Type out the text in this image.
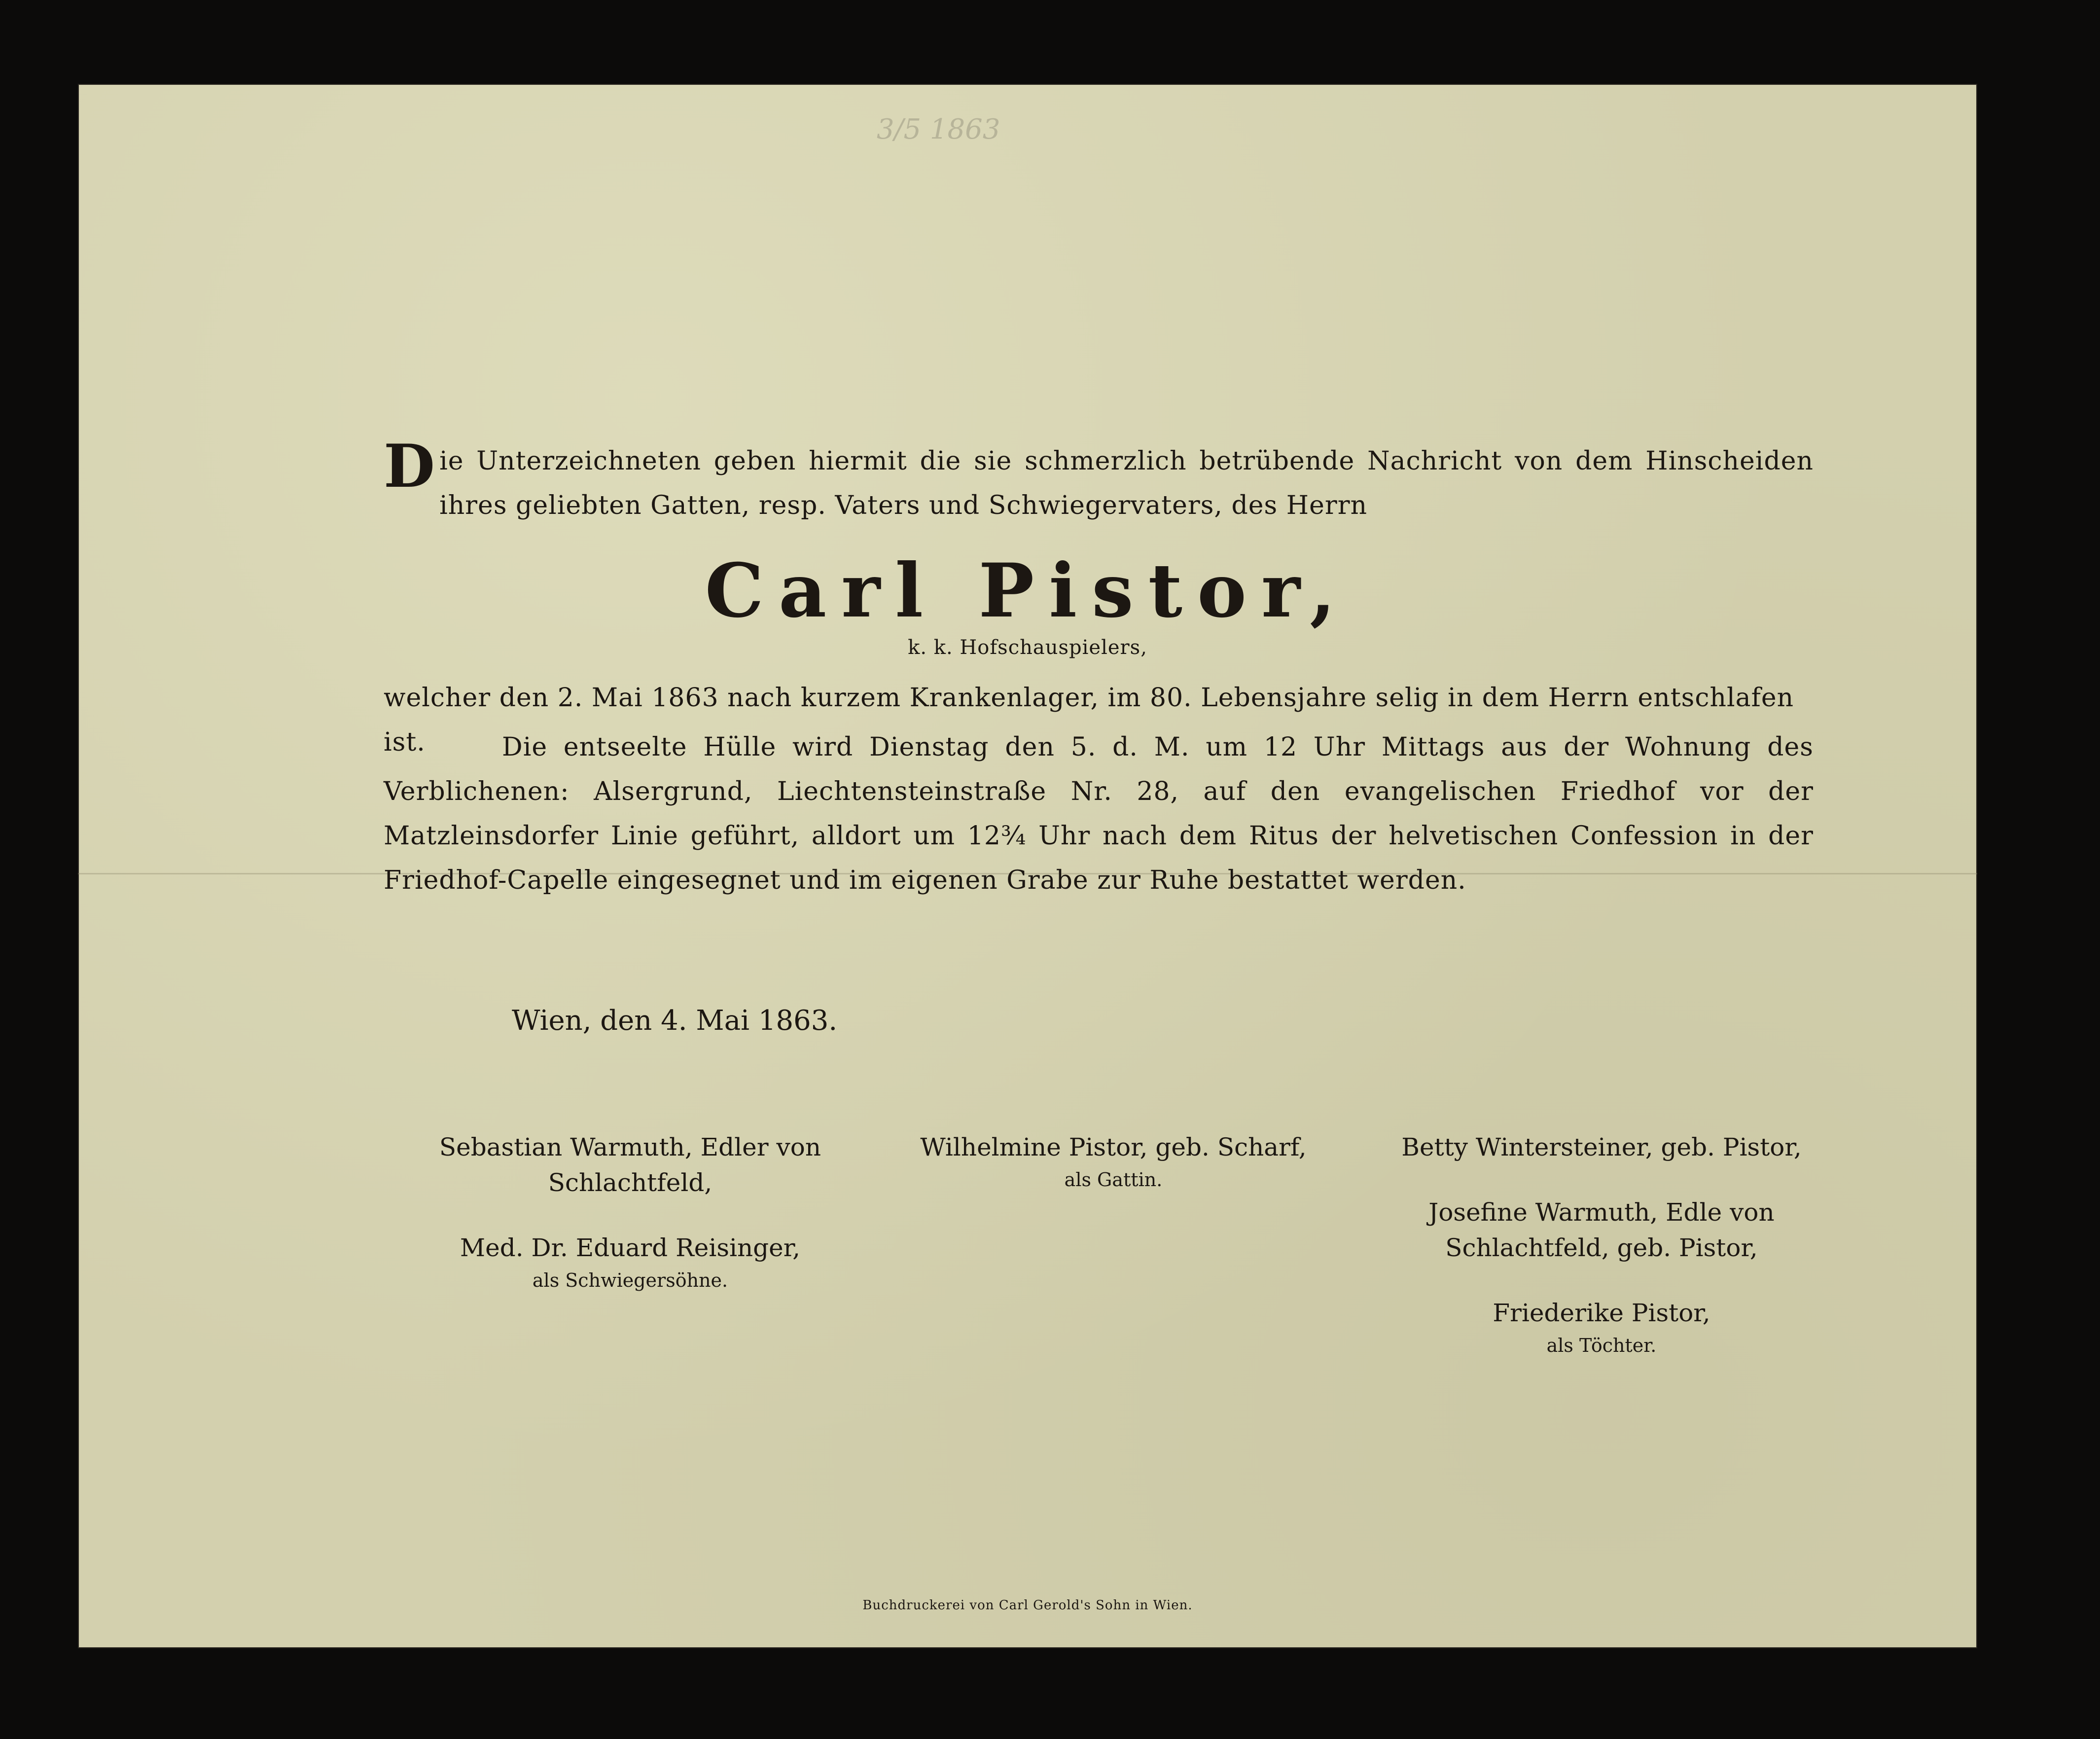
3/5 1863

Die Unterzeichneten geben hiermit die sie schmerzlich betrübende Nachricht von dem Hinscheiden ihres geliebten Gatten, resp. Vaters und Schwiegervaters, des Herrn

Carl Pistor,
k. k. Hofschauspielers,

welcher den 2. Mai 1863 nach kurzem Krankenlager, im 80. Lebensjahre selig in dem Herrn entschlafen ist.	Die entseelte Hülle wird Dienstag den 5. d. M. um 12 Uhr Mittags aus der Wohnung des Verblichenen: Alsergrund, Liechtensteinstraße Nr. 28, auf den evangelischen Friedhof vor der Matzleinsdorfer Linie geführt, alldort um 12¾ Uhr nach dem Ritus der helvetischen Confession in der Friedhof-Capelle eingesegnet und im eigenen Grabe zur Ruhe bestattet werden.

Wien, den 4. Mai 1863.
Sebastian Warmuth, Edler von
Schlachtfeld,
Med. Dr. Eduard Reisinger,
als Schwiegersöhne.
Wilhelmine Pistor, geb. Scharf,
als Gattin.
Betty Wintersteiner, geb. Pistor,
Josefine Warmuth, Edle von
Schlachtfeld, geb. Pistor,
Friederike Pistor,
als Töchter.
Buchdruckerei von Carl Gerold's Sohn in Wien.
